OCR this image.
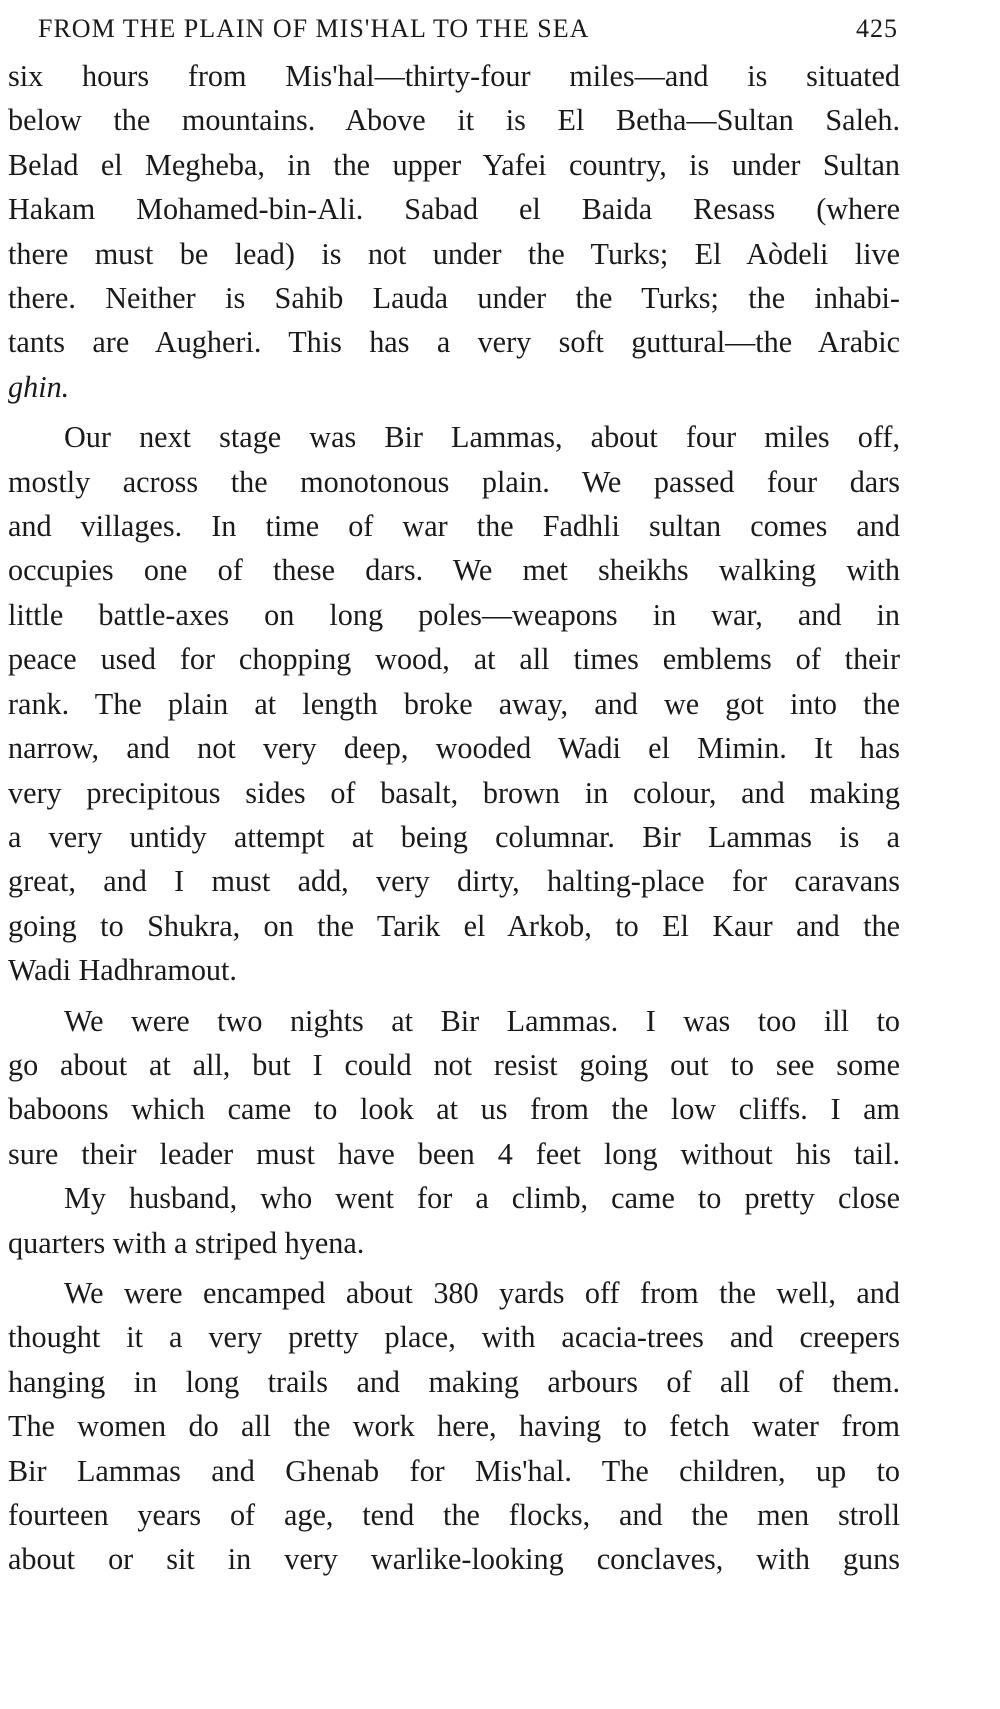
FROM THE PLAIN OF MIS'HAL TO THE SEA	425

six hours from Mis'hal—thirty-four miles—and is situated
below the mountains. Above it is El Betha—Sultan Saleh.
Belad el Megheba, in the upper Yafei country, is under Sultan
Hakam Mohamed-bin-Ali. Sabad el Baida Resass (where
there must be lead) is not under the Turks; El Aòdeli live
there. Neither is Sahib Lauda under the Turks; the inhabi-
tants are Augheri. This has a very soft guttural—the Arabic
ghin.

Our next stage was Bir Lammas, about four miles off,
mostly across the monotonous plain. We passed four dars
and villages. In time of war the Fadhli sultan comes and
occupies one of these dars. We met sheikhs walking with
little battle-axes on long poles—weapons in war, and in
peace used for chopping wood, at all times emblems of their
rank. The plain at length broke away, and we got into the
narrow, and not very deep, wooded Wadi el Mimin. It has
very precipitous sides of basalt, brown in colour, and making
a very untidy attempt at being columnar. Bir Lammas is a
great, and I must add, very dirty, halting-place for caravans
going to Shukra, on the Tarik el Arkob, to El Kaur and the
Wadi Hadhramout.

We were two nights at Bir Lammas. I was too ill to
go about at all, but I could not resist going out to see some
baboons which came to look at us from the low cliffs. I am
sure their leader must have been 4 feet long without his tail.

My husband, who went for a climb, came to pretty close
quarters with a striped hyena.

We were encamped about 380 yards off from the well, and
thought it a very pretty place, with acacia-trees and creepers
hanging in long trails and making arbours of all of them.
The women do all the work here, having to fetch water from
Bir Lammas and Ghenab for Mis'hal. The children, up to
fourteen years of age, tend the flocks, and the men stroll
about or sit in very warlike-looking conclaves, with guns
